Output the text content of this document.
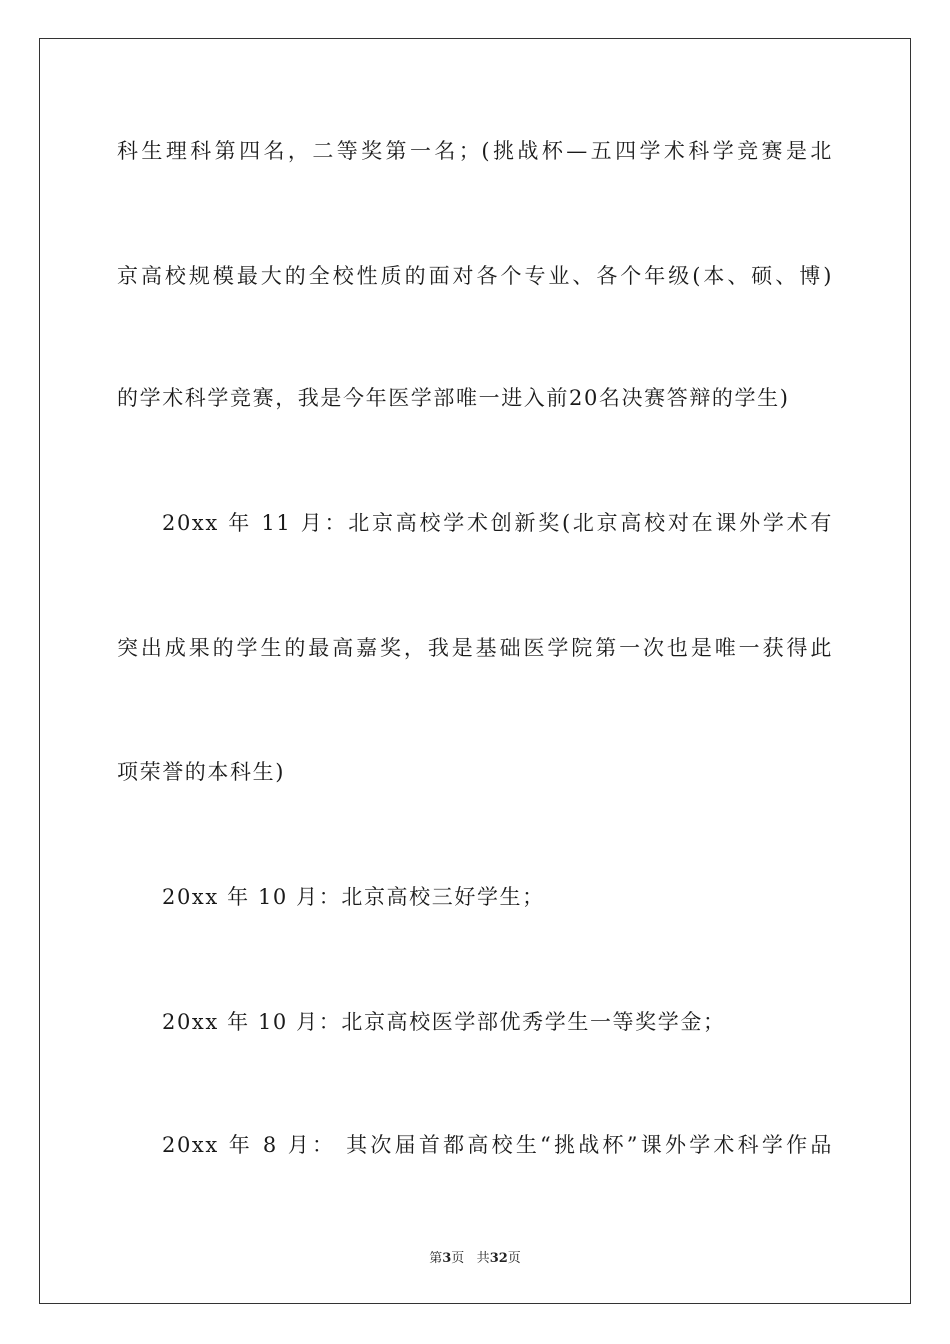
科生理科第四名，二等奖第一名；(挑战杯—五四学术科学竞赛是北
京高校规模最大的全校性质的面对各个专业、各个年级(本、硕、博)
的学术科学竞赛，我是今年医学部唯一进入前20名决赛答辩的学生)
20xx 年 11 月：北京高校学术创新奖(北京高校对在课外学术有
突出成果的学生的最高嘉奖，我是基础医学院第一次也是唯一获得此
项荣誉的本科生)
20xx 年 10 月：北京高校三好学生；
20xx 年 10 月：北京高校医学部优秀学生一等奖学金；
20xx 年 8 月： 其次届首都高校生“挑战杯”课外学术科学作品
第3页 共32页
